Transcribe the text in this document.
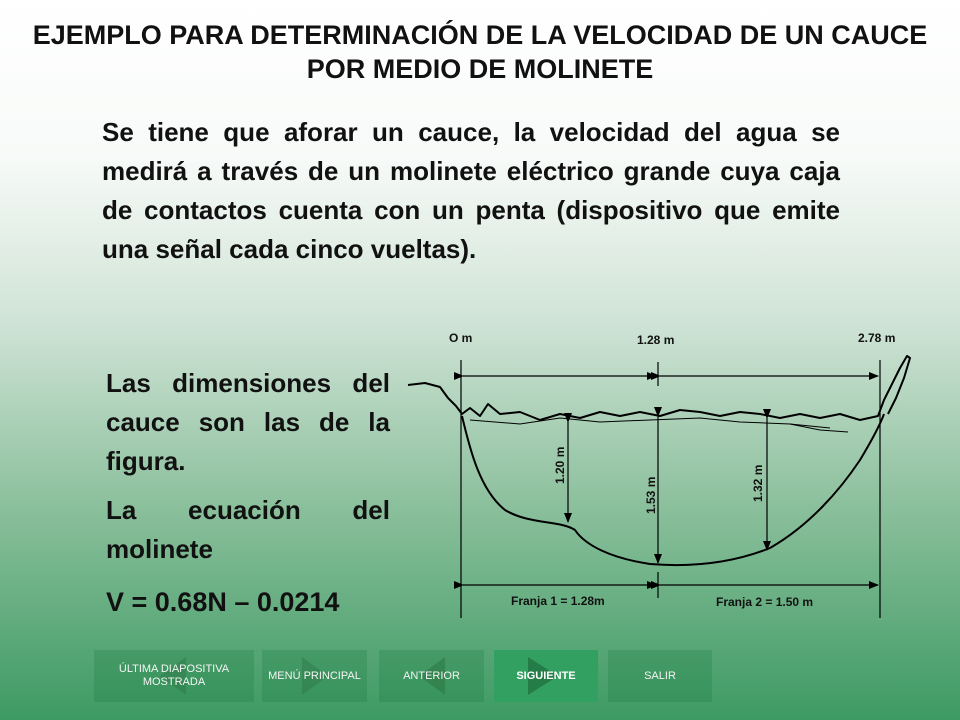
EJEMPLO PARA DETERMINACIÓN DE LA VELOCIDAD DE UN CAUCE POR MEDIO DE MOLINETE
Se tiene que aforar un cauce, la velocidad del agua se medirá a través de un molinete eléctrico grande cuya caja de contactos cuenta con un penta (dispositivo que emite una señal cada cinco vueltas).

Las dimensiones del cauce son las de la figura.

La ecuación del molinete

V = 0.68N – 0.0214

O m	1.28 m	2.78 m
1.20 m
1.53 m	1.32 m
Franja 1 = 1.28m	Franja 2 = 1.50 m
ÚLTIMA DIAPOSITIVA MOSTRADA
MENÚ PRINCIPAL	ANTERIOR	SIGUIENTE	SALIR
